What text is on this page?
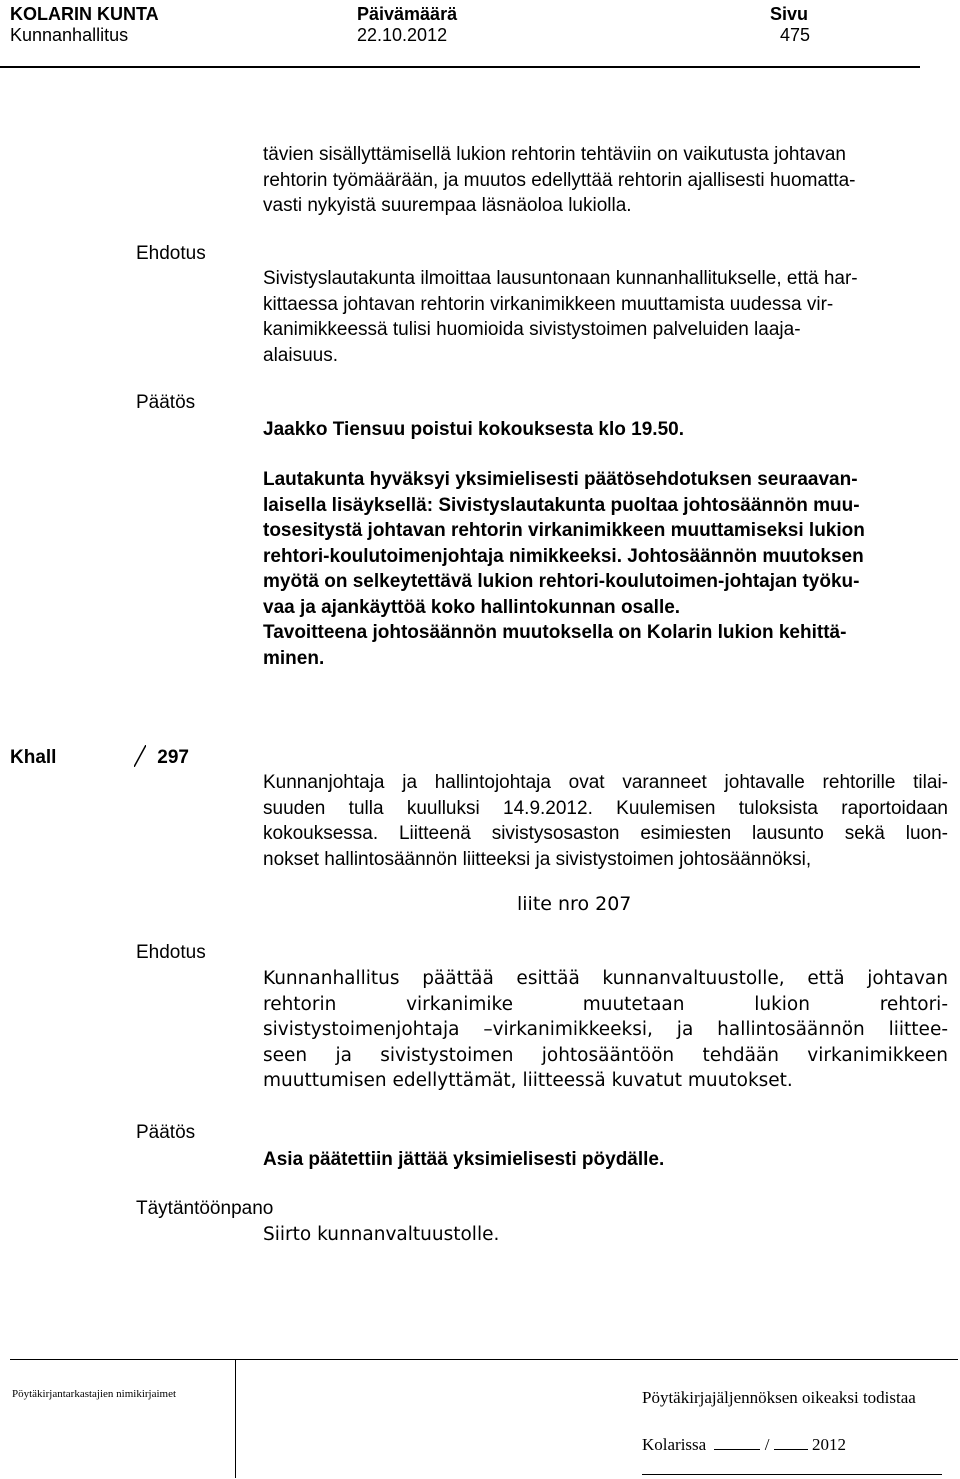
KOLARIN KUNTA
Kunnanhallitus
Päivämäärä
22.10.2012
Sivu
475
tävien sisällyttämisellä lukion rehtorin tehtäviin on vaikutusta johtavan
rehtorin työmäärään, ja muutos edellyttää rehtorin ajallisesti huomatta-
vasti nykyistä suurempaa läsnäoloa lukiolla.
Ehdotus
Sivistyslautakunta ilmoittaa lausuntonaan kunnanhallitukselle, että har-
kittaessa johtavan rehtorin virkanimikkeen muuttamista uudessa vir-
kanimikkeessä tulisi huomioida sivistystoimen palveluiden laaja-
alaisuus.
Päätös
Jaakko Tiensuu poistui kokouksesta klo 19.50.
Lautakunta hyväksyi yksimielisesti päätösehdotuksen seuraavan-
laisella lisäyksellä: Sivistyslautakunta puoltaa johtosäännön muu-
tosesitystä johtavan rehtorin virkanimikkeen muuttamiseksi lukion
rehtori-koulutoimenjohtaja nimikkeeksi. Johtosäännön muutoksen
myötä on selkeytettävä lukion rehtori-koulutoimen-johtajan työku-
vaa ja ajankäyttöä koko hallintokunnan osalle.
Tavoitteena johtosäännön muutoksella on Kolarin lukion kehittä-
minen.
Khall	297
Kunnanjohtaja ja hallintojohtaja ovat varanneet johtavalle rehtorille tilai-
suuden tulla kuulluksi 14.9.2012. Kuulemisen tuloksista raportoidaan
kokouksessa. Liitteenä sivistysosaston esimiesten lausunto sekä luon-
nokset hallintosäännön liitteeksi ja sivistystoimen johtosäännöksi,
liite nro 207
Ehdotus
Kunnanhallitus päättää esittää kunnanvaltuustolle, että johtavan
rehtorin virkanimike muutetaan lukion rehtori-
sivistystoimenjohtaja –virkanimikkeeksi, ja hallintosäännön liittee-
seen ja sivistystoimen johtosääntöön tehdään virkanimikkeen
muuttumisen edellyttämät, liitteessä kuvatut muutokset.
Päätös
Asia päätettiin jättää yksimielisesti pöydälle.
Täytäntöönpano
Siirto kunnanvaltuustolle.
Pöytäkirjantarkastajien nimikirjaimet	Pöytäkirjajäljennöksen oikeaksi todistaa
Kolarissa	/	2012
